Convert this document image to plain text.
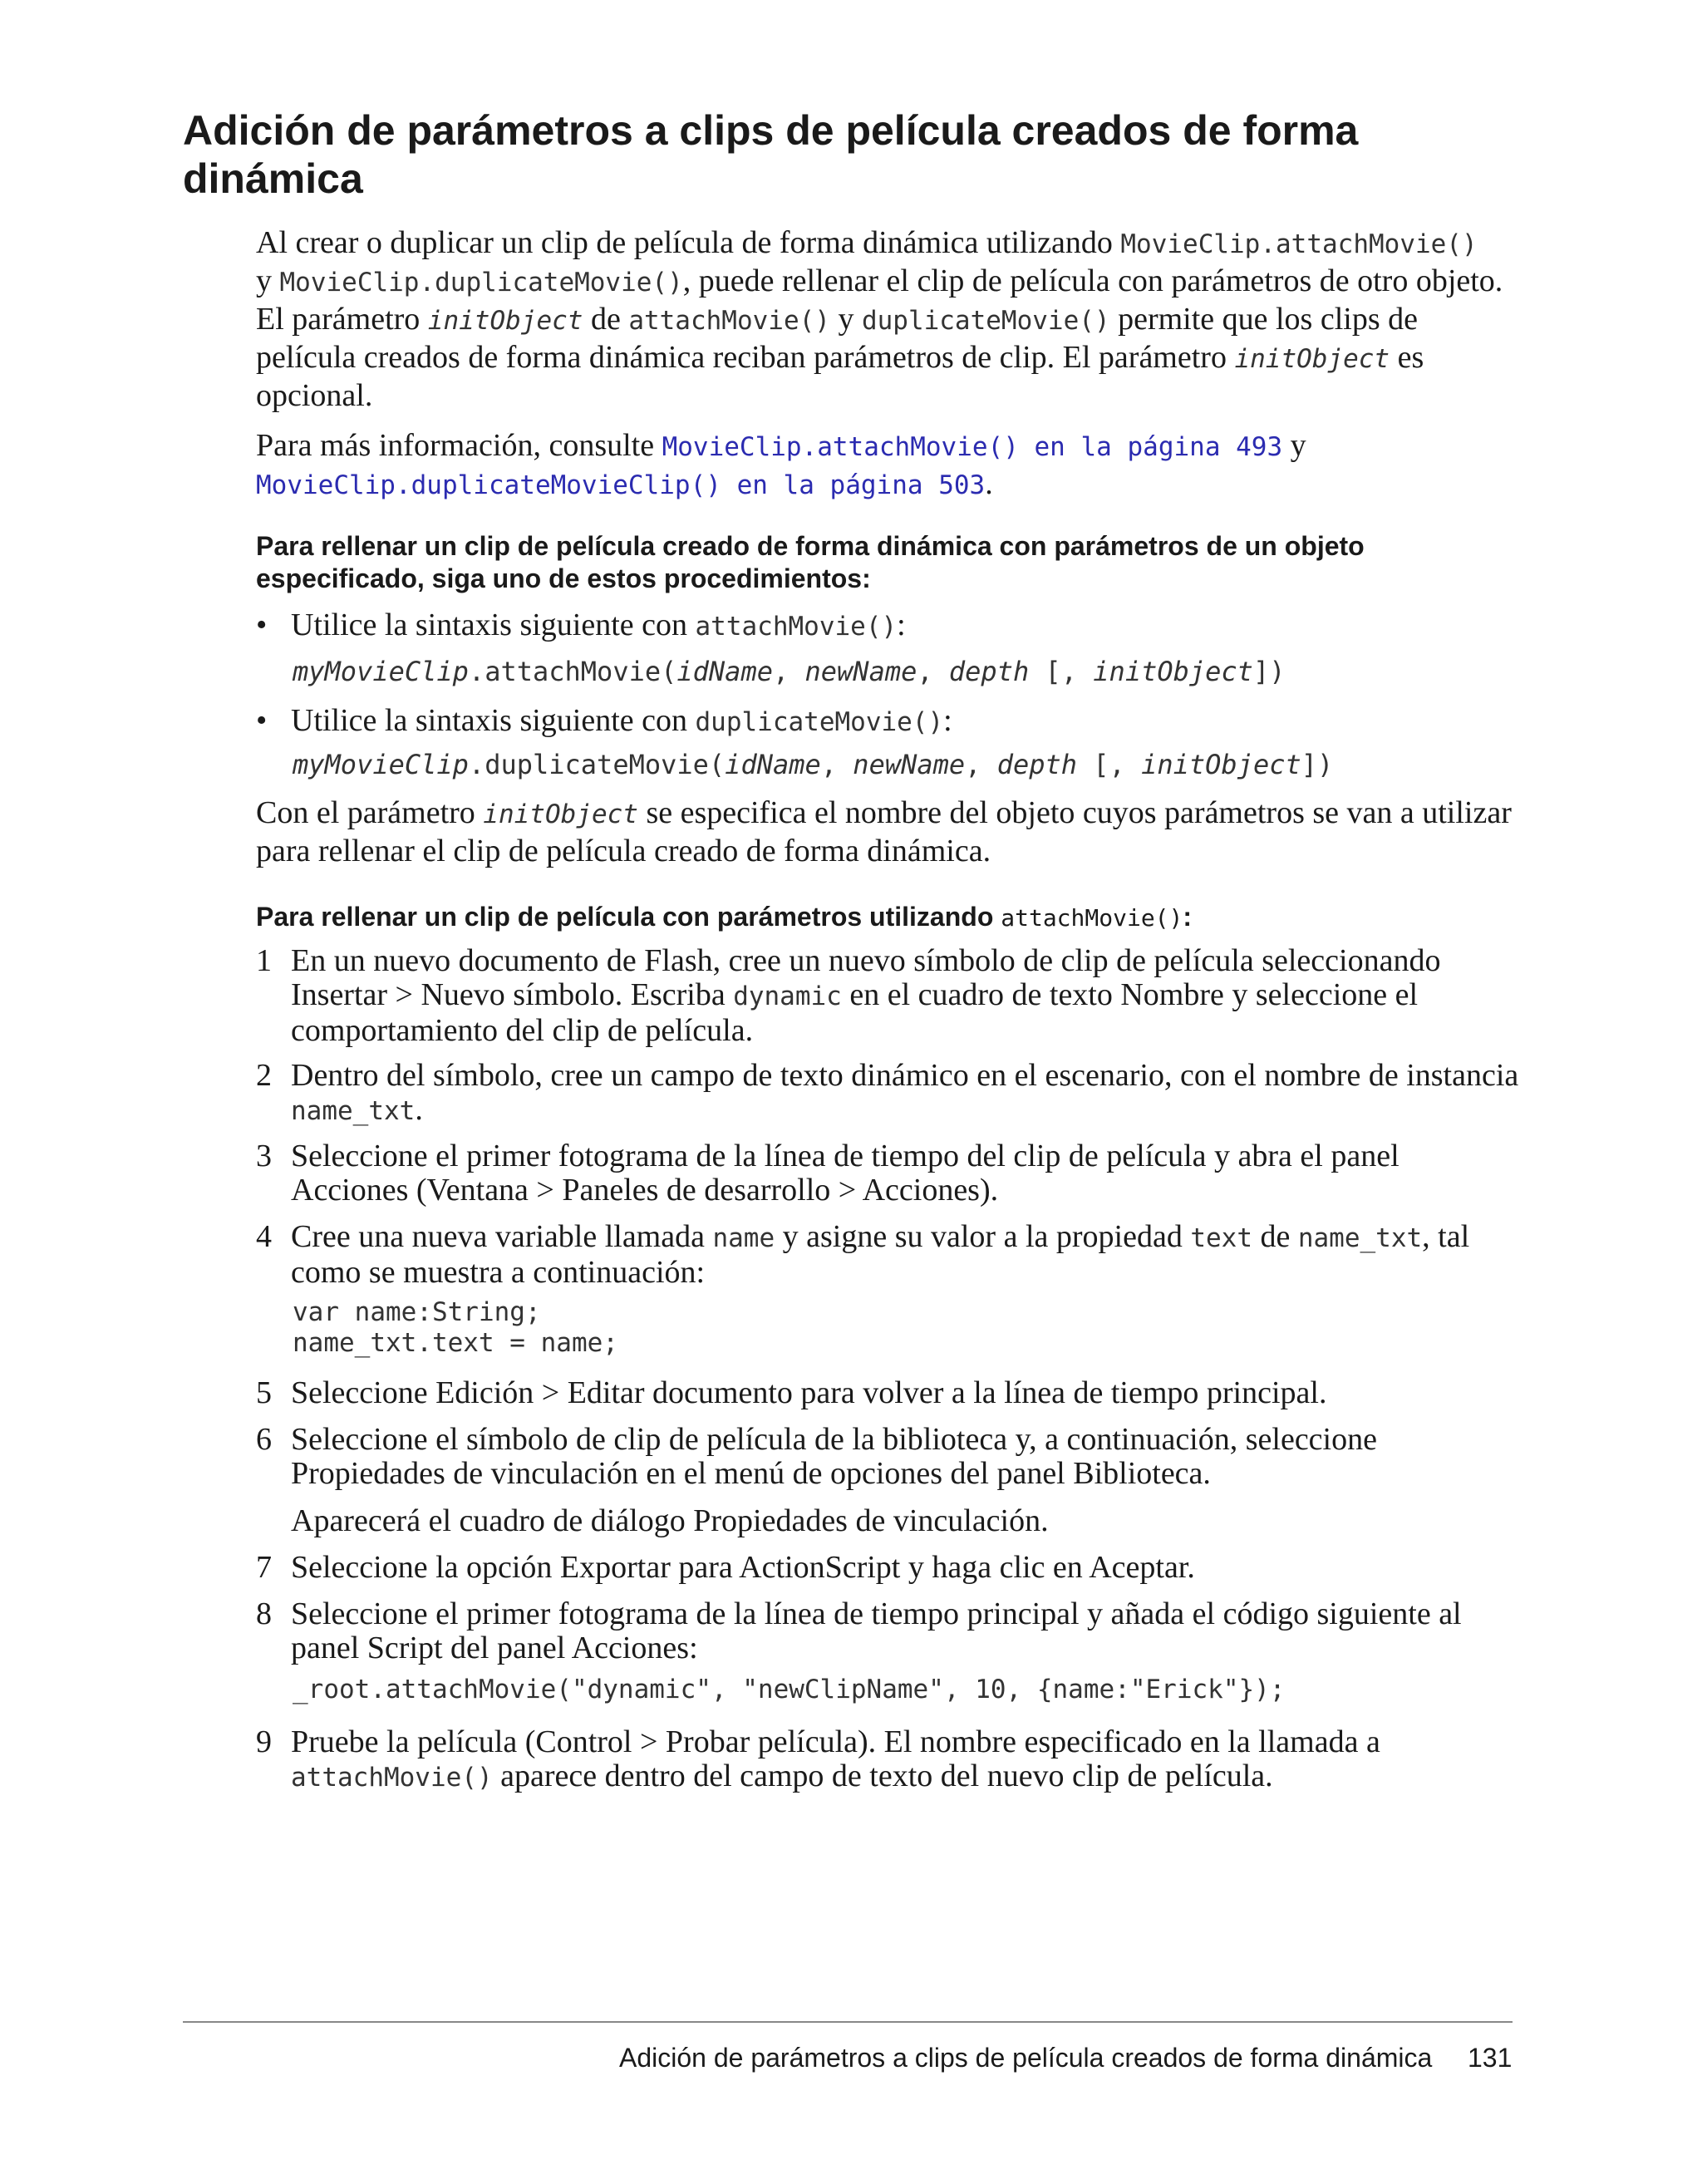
Adición de parámetros a clips de película creados de forma dinámica
Al crear o duplicar un clip de película de forma dinámica utilizando MovieClip.attachMovie()
y MovieClip.duplicateMovie(), puede rellenar el clip de película con parámetros de otro objeto. El parámetro initObject de attachMovie() y duplicateMovie() permite que los clips de película creados de forma dinámica reciban parámetros de clip. El parámetro initObject es opcional.
Para más información, consulte MovieClip.attachMovie() en la página 493 y
MovieClip.duplicateMovieClip() en la página 503.
Para rellenar un clip de película creado de forma dinámica con parámetros de un objeto especificado, siga uno de estos procedimientos:
• Utilice la sintaxis siguiente con attachMovie():
myMovieClip.attachMovie(idName, newName, depth [, initObject])
• Utilice la sintaxis siguiente con duplicateMovie():
myMovieClip.duplicateMovie(idName, newName, depth [, initObject])
Con el parámetro initObject se especifica el nombre del objeto cuyos parámetros se van a utilizar para rellenar el clip de película creado de forma dinámica.
Para rellenar un clip de película con parámetros utilizando attachMovie():
1 En un nuevo documento de Flash, cree un nuevo símbolo de clip de película seleccionando Insertar > Nuevo símbolo. Escriba dynamic en el cuadro de texto Nombre y seleccione el comportamiento del clip de película.
2 Dentro del símbolo, cree un campo de texto dinámico en el escenario, con el nombre de instancia name_txt.
3 Seleccione el primer fotograma de la línea de tiempo del clip de película y abra el panel Acciones (Ventana > Paneles de desarrollo > Acciones).
4 Cree una nueva variable llamada name y asigne su valor a la propiedad text de name_txt, tal como se muestra a continuación:
var name:String;
name_txt.text = name;
5 Seleccione Edición > Editar documento para volver a la línea de tiempo principal.
6 Seleccione el símbolo de clip de película de la biblioteca y, a continuación, seleccione Propiedades de vinculación en el menú de opciones del panel Biblioteca.
Aparecerá el cuadro de diálogo Propiedades de vinculación.
7 Seleccione la opción Exportar para ActionScript y haga clic en Aceptar.
8 Seleccione el primer fotograma de la línea de tiempo principal y añada el código siguiente al panel Script del panel Acciones:
_root.attachMovie("dynamic", "newClipName", 10, {name:"Erick"});
9 Pruebe la película (Control > Probar película). El nombre especificado en la llamada a attachMovie() aparece dentro del campo de texto del nuevo clip de película.
Adición de parámetros a clips de película creados de forma dinámica 131
